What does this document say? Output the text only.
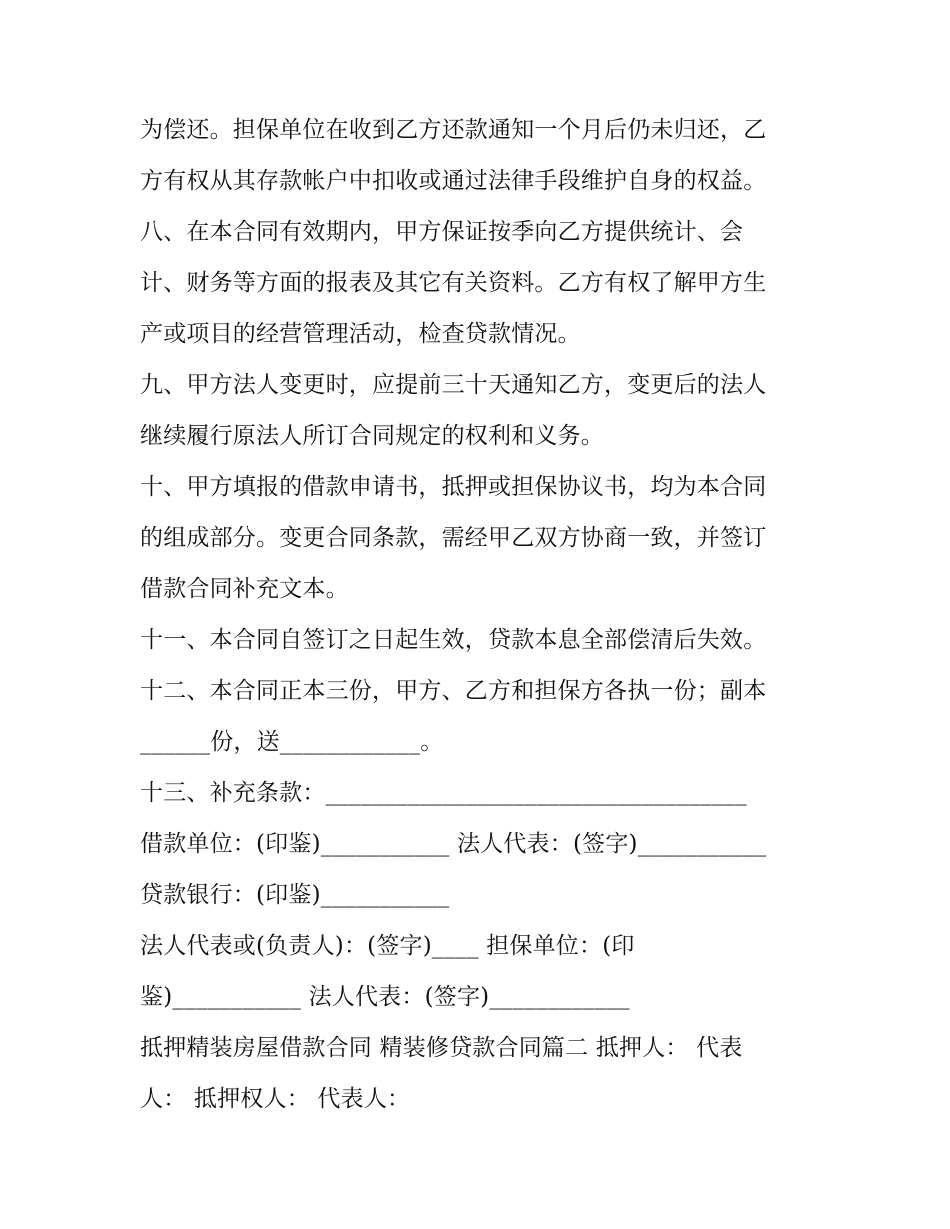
为偿还。担保单位在收到乙方还款通知一个月后仍未归还，乙
方有权从其存款帐户中扣收或通过法律手段维护自身的权益。
八、在本合同有效期内，甲方保证按季向乙方提供统计、会
计、财务等方面的报表及其它有关资料。乙方有权了解甲方生
产或项目的经营管理活动，检查贷款情况。
九、甲方法人变更时，应提前三十天通知乙方，变更后的法人
继续履行原法人所订合同规定的权利和义务。
十、甲方填报的借款申请书，抵押或担保协议书，均为本合同
的组成部分。变更合同条款，需经甲乙双方协商一致，并签订
借款合同补充文本。
十一、本合同自签订之日起生效，贷款本息全部偿清后失效。
十二、本合同正本三份，甲方、乙方和担保方各执一份；副本
______份，送____________。
十三、补充条款：____________________________________
借款单位：(印鉴)___________ 法人代表：(签字)___________
贷款银行：(印鉴)___________
法人代表或(负责人)：(签字)____ 担保单位：(印
鉴)___________ 法人代表：(签字)____________
抵押精装房屋借款合同 精装修贷款合同篇二 抵押人： 代表
人： 抵押权人： 代表人：
